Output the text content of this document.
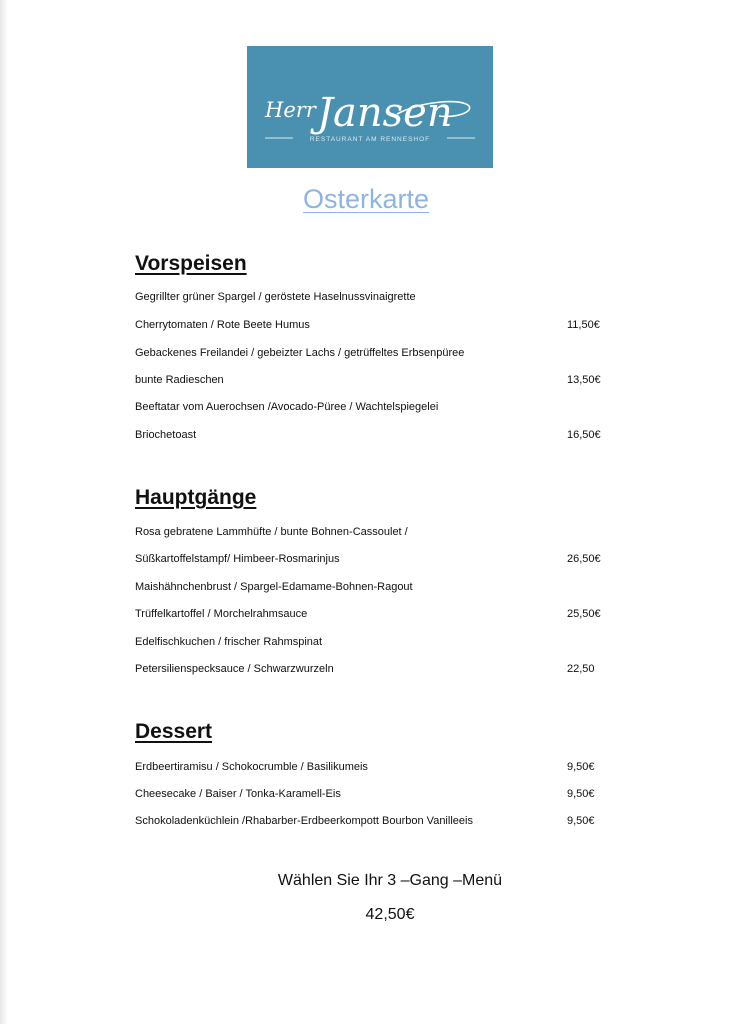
Herr Jansen
RESTAURANT AM RENNESHOF
Osterkarte
Vorspeisen
Gegrillter grüner Spargel / geröstete Haselnussvinaigrette
Cherrytomaten / Rote Beete Humus	11,50€
Gebackenes Freilandei / gebeizter Lachs / getrüffeltes Erbsenpüree
bunte Radieschen	13,50€
Beeftatar vom Auerochsen /Avocado-Püree / Wachtelspiegelei
Briochetoast	16,50€
Hauptgänge
Rosa gebratene Lammhüfte / bunte Bohnen-Cassoulet /
Süßkartoffelstampf/ Himbeer-Rosmarinjus	26,50€
Maishähnchenbrust / Spargel-Edamame-Bohnen-Ragout
Trüffelkartoffel / Morchelrahmsauce	25,50€
Edelfischkuchen / frischer Rahmspinat
Petersilienspecksauce / Schwarzwurzeln	22,50
Dessert
Erdbeertiramisu / Schokocrumble / Basilikumeis	9,50€
Cheesecake / Baiser / Tonka-Karamell-Eis	9,50€
Schokoladenküchlein /Rhabarber-Erdbeerkompott Bourbon Vanilleeis	9,50€
Wählen Sie Ihr 3 –Gang –Menü
42,50€
